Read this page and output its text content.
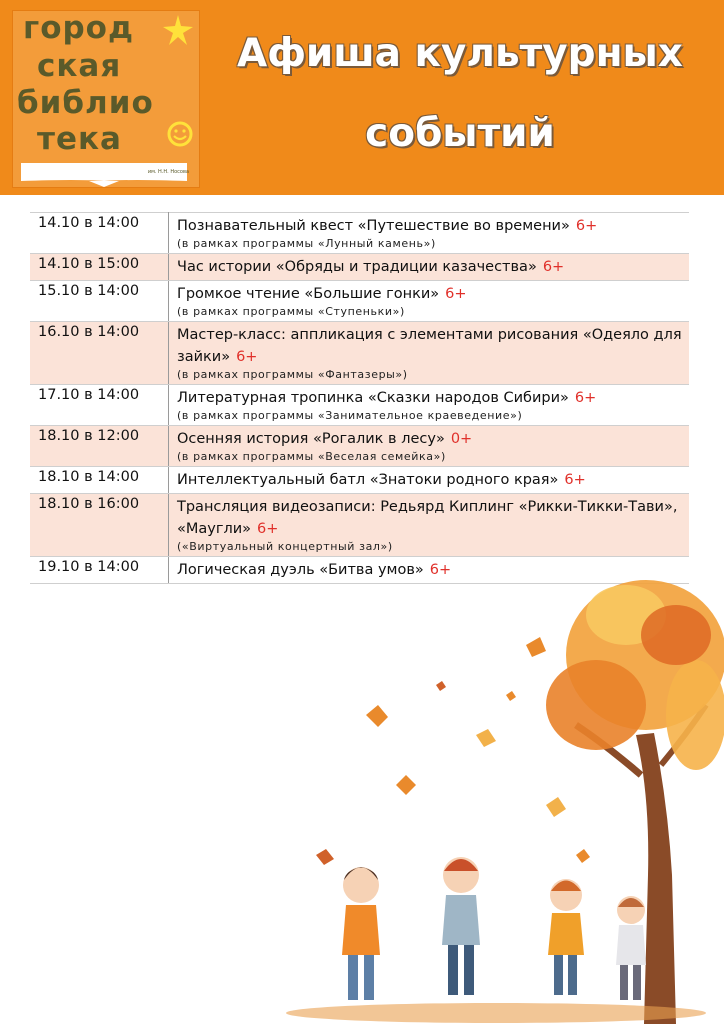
город
ская
библио
тека
им. Н.Н. Носова
Афиша культурных
событий
14.10 в 14:00	Познавательный квест «Путешествие во времени» 6+
(в рамках программы «Лунный камень»)

14.10 в 15:00	Час истории «Обряды и традиции казачества» 6+

15.10 в 14:00	Громкое чтение «Большие гонки» 6+
(в рамках программы «Ступеньки»)

16.10 в 14:00	Мастер-класс: аппликация с элементами рисования «Одеяло для зайки» 6+
(в рамках программы «Фантазеры»)

17.10 в 14:00	Литературная тропинка «Сказки народов Сибири» 6+
(в рамках программы «Занимательное краеведение»)

18.10 в 12:00	Осенняя история «Рогалик в лесу» 0+
(в рамках программы «Веселая семейка»)

18.10 в 14:00	Интеллектуальный батл «Знатоки родного края» 6+

18.10 в 16:00	Трансляция видеозаписи: Редьярд Киплинг «Рикки-Тикки-Тави», «Маугли» 6+
(«Виртуальный концертный зал»)

19.10 в 14:00	Логическая дуэль «Битва умов» 6+
